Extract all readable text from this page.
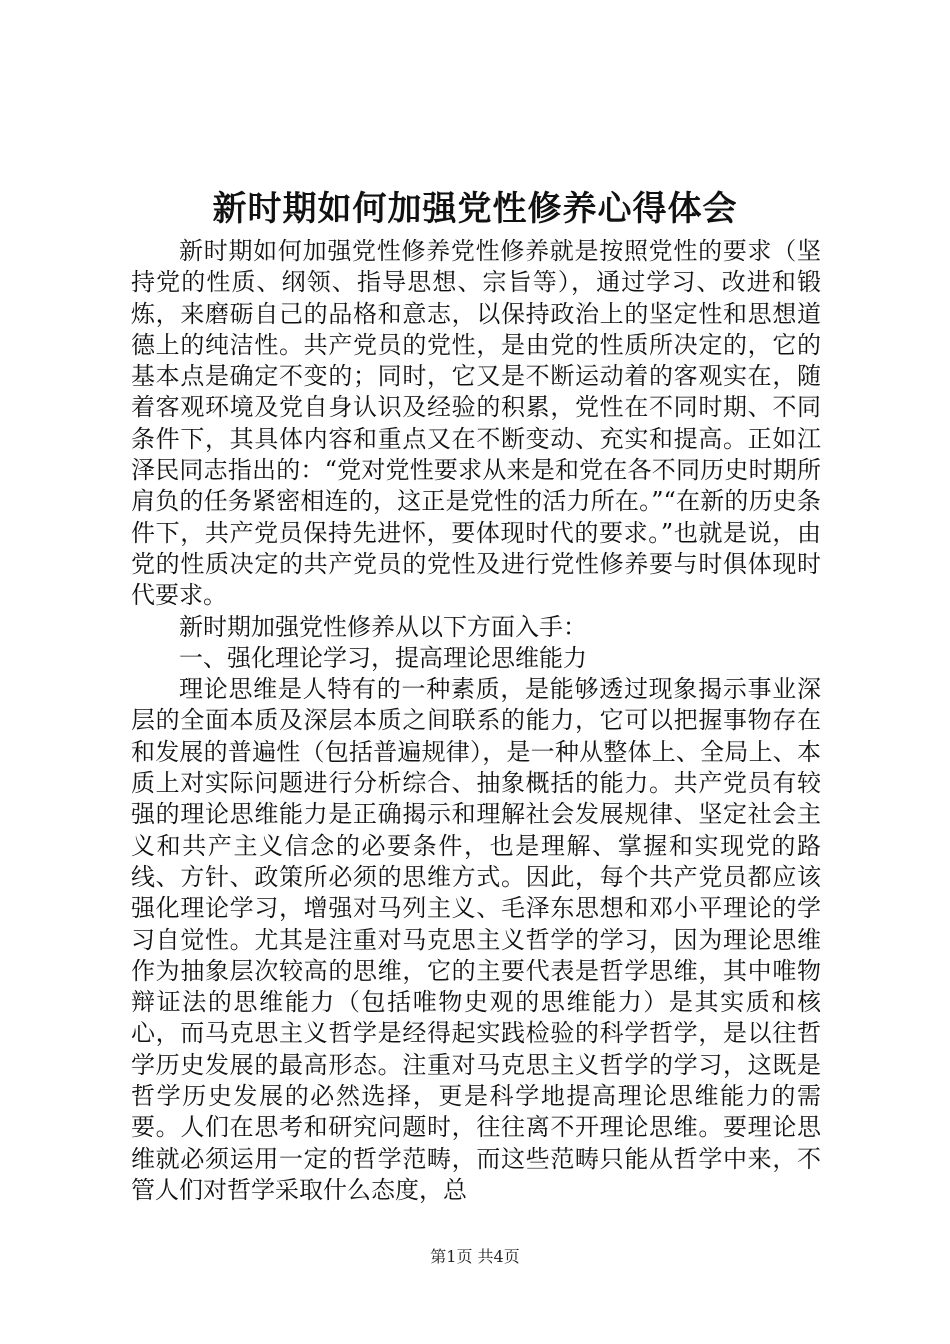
新时期如何加强党性修养心得体会

新时期如何加强党性修养党性修养就是按照党性的要求（坚持党的性质、纲领、指导思想、宗旨等），通过学习、改进和锻炼，来磨砺自己的品格和意志，以保持政治上的坚定性和思想道德上的纯洁性。共产党员的党性，是由党的性质所决定的，它的基本点是确定不变的；同时，它又是不断运动着的客观实在，随着客观环境及党自身认识及经验的积累，党性在不同时期、不同条件下，其具体内容和重点又在不断变动、充实和提高。正如江泽民同志指出的：“党对党性要求从来是和党在各不同历史时期所肩负的任务紧密相连的，这正是党性的活力所在。”“在新的历史条件下，共产党员保持先进怀，要体现时代的要求。”也就是说，由党的性质决定的共产党员的党性及进行党性修养要与时俱体现时代要求。

新时期加强党性修养从以下方面入手：

一、强化理论学习，提高理论思维能力

理论思维是人特有的一种素质，是能够透过现象揭示事业深层的全面本质及深层本质之间联系的能力，它可以把握事物存在和发展的普遍性（包括普遍规律），是一种从整体上、全局上、本质上对实际问题进行分析综合、抽象概括的能力。共产党员有较强的理论思维能力是正确揭示和理解社会发展规律、坚定社会主义和共产主义信念的必要条件，也是理解、掌握和实现党的路线、方针、政策所必须的思维方式。因此，每个共产党员都应该强化理论学习，增强对马列主义、毛泽东思想和邓小平理论的学习自觉性。尤其是注重对马克思主义哲学的学习，因为理论思维作为抽象层次较高的思维，它的主要代表是哲学思维，其中唯物辩证法的思维能力（包括唯物史观的思维能力）是其实质和核心，而马克思主义哲学是经得起实践检验的科学哲学，是以往哲学历史发展的最高形态。注重对马克思主义哲学的学习，这既是哲学历史发展的必然选择，更是科学地提高理论思维能力的需要。人们在思考和研究问题时，往往离不开理论思维。要理论思维就必须运用一定的哲学范畴，而这些范畴只能从哲学中来，不管人们对哲学采取什么态度，总

第1页 共4页
